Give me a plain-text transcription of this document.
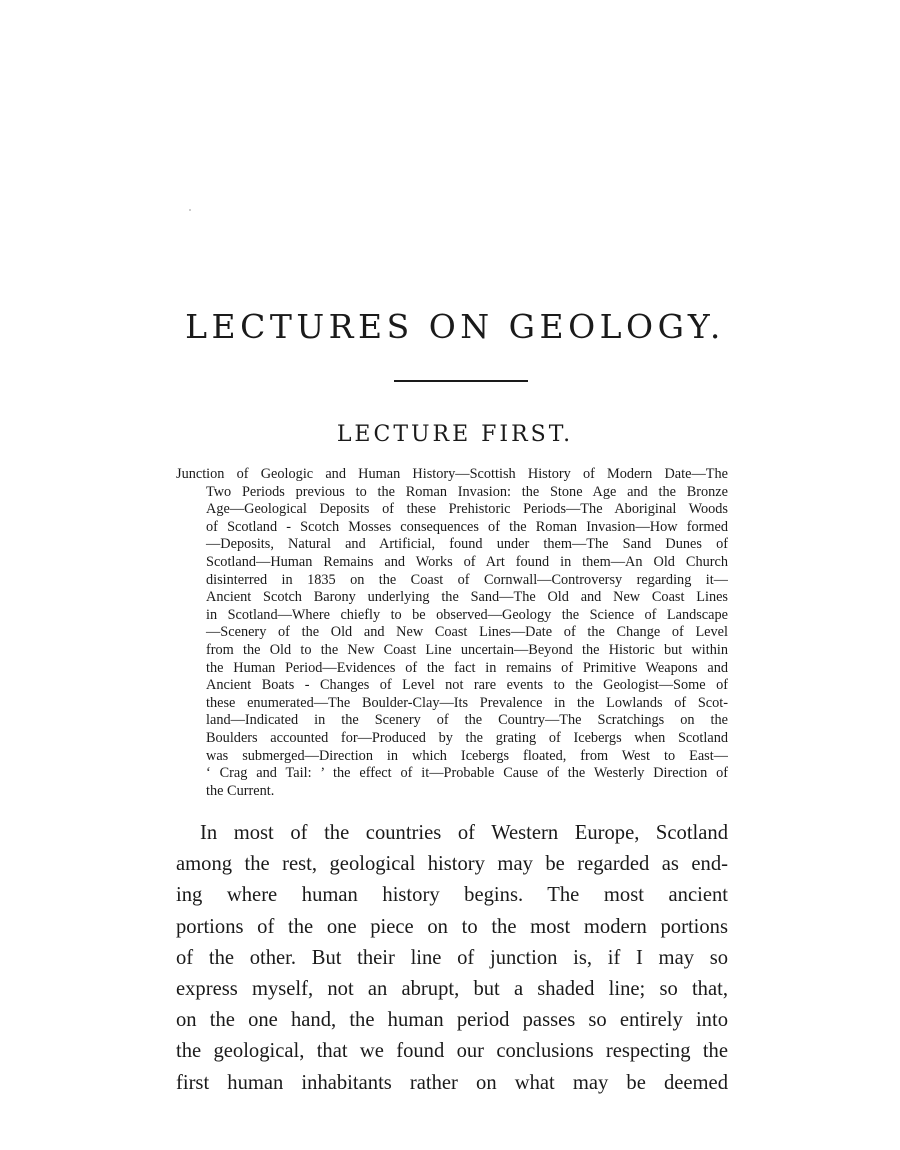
LECTURES ON GEOLOGY.
LECTURE FIRST.
Junction of Geologic and Human History—Scottish History of Modern Date—The
Two Periods previous to the Roman Invasion: the Stone Age and the Bronze
Age—Geological Deposits of these Prehistoric Periods—The Aboriginal Woods
of Scotland - Scotch Mosses consequences of the Roman Invasion—How formed
—Deposits, Natural and Artificial, found under them—The Sand Dunes of
Scotland—Human Remains and Works of Art found in them—An Old Church
disinterred in 1835 on the Coast of Cornwall—Controversy regarding it—
Ancient Scotch Barony underlying the Sand—The Old and New Coast Lines
in Scotland—Where chiefly to be observed—Geology the Science of Landscape
—Scenery of the Old and New Coast Lines—Date of the Change of Level
from the Old to the New Coast Line uncertain—Beyond the Historic but within
the Human Period—Evidences of the fact in remains of Primitive Weapons and
Ancient Boats - Changes of Level not rare events to the Geologist—Some of
these enumerated—The Boulder-Clay—Its Prevalence in the Lowlands of Scot-
land—Indicated in the Scenery of the Country—The Scratchings on the
Boulders accounted for—Produced by the grating of Icebergs when Scotland
was submerged—Direction in which Icebergs floated, from West to East—
‘ Crag and Tail: ’ the effect of it—Probable Cause of the Westerly Direction of
the Current.
In most of the countries of Western Europe, Scotland
among the rest, geological history may be regarded as end-
ing where human history begins. The most ancient
portions of the one piece on to the most modern portions
of the other. But their line of junction is, if I may so
express myself, not an abrupt, but a shaded line; so that,
on the one hand, the human period passes so entirely into
the geological, that we found our conclusions respecting the
first human inhabitants rather on what may be deemed
